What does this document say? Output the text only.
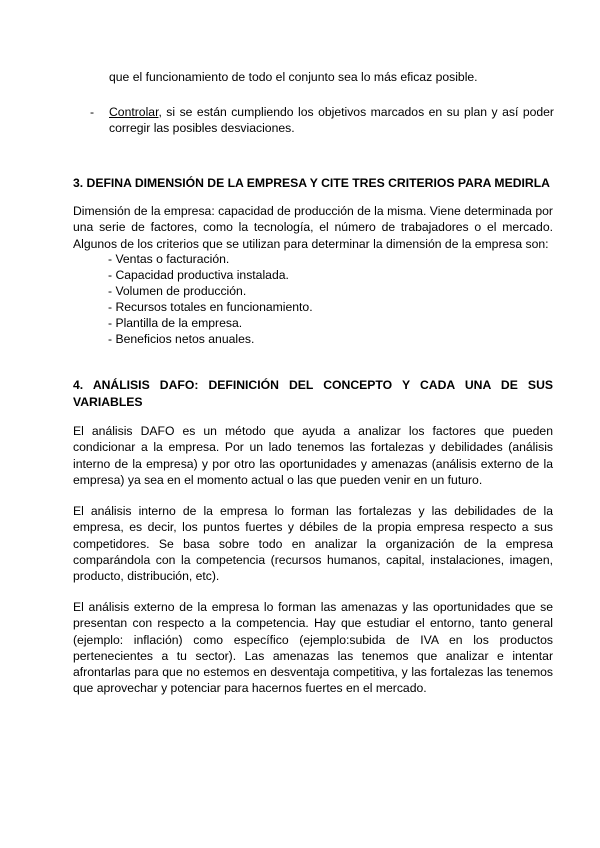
que el funcionamiento de todo el conjunto sea lo más eficaz posible.
- Controlar, si se están cumpliendo los objetivos marcados en su plan y así poder corregir las posibles desviaciones.
3. DEFINA DIMENSIÓN DE LA EMPRESA Y CITE TRES CRITERIOS PARA MEDIRLA
Dimensión de la empresa: capacidad de producción de la misma. Viene determinada por una serie de factores, como la tecnología, el número de trabajadores o el mercado. Algunos de los criterios que se utilizan para determinar la dimensión de la empresa son:
- Ventas o facturación.
- Capacidad productiva instalada.
- Volumen de producción.
- Recursos totales en funcionamiento.
- Plantilla de la empresa.
- Beneficios netos anuales.
4. ANÁLISIS DAFO: DEFINICIÓN DEL CONCEPTO Y CADA UNA DE SUS VARIABLES
El análisis DAFO es un método que ayuda a analizar los factores que pueden condicionar a la empresa. Por un lado tenemos las fortalezas y debilidades (análisis interno de la empresa) y por otro las oportunidades y amenazas (análisis externo de la empresa) ya sea en el momento actual o las que pueden venir en un futuro.
El análisis interno de la empresa lo forman las fortalezas y las debilidades de la empresa, es decir, los puntos fuertes y débiles de la propia empresa respecto a sus competidores. Se basa sobre todo en analizar la organización de la empresa comparándola con la competencia (recursos humanos, capital, instalaciones, imagen, producto, distribución, etc).
El análisis externo de la empresa lo forman las amenazas y las oportunidades que se presentan con respecto a la competencia. Hay que estudiar el entorno, tanto general (ejemplo: inflación) como específico (ejemplo:subida de IVA en los productos pertenecientes a tu sector). Las amenazas las tenemos que analizar e intentar afrontarlas para que no estemos en desventaja competitiva, y las fortalezas las tenemos que aprovechar y potenciar para hacernos fuertes en el mercado.
